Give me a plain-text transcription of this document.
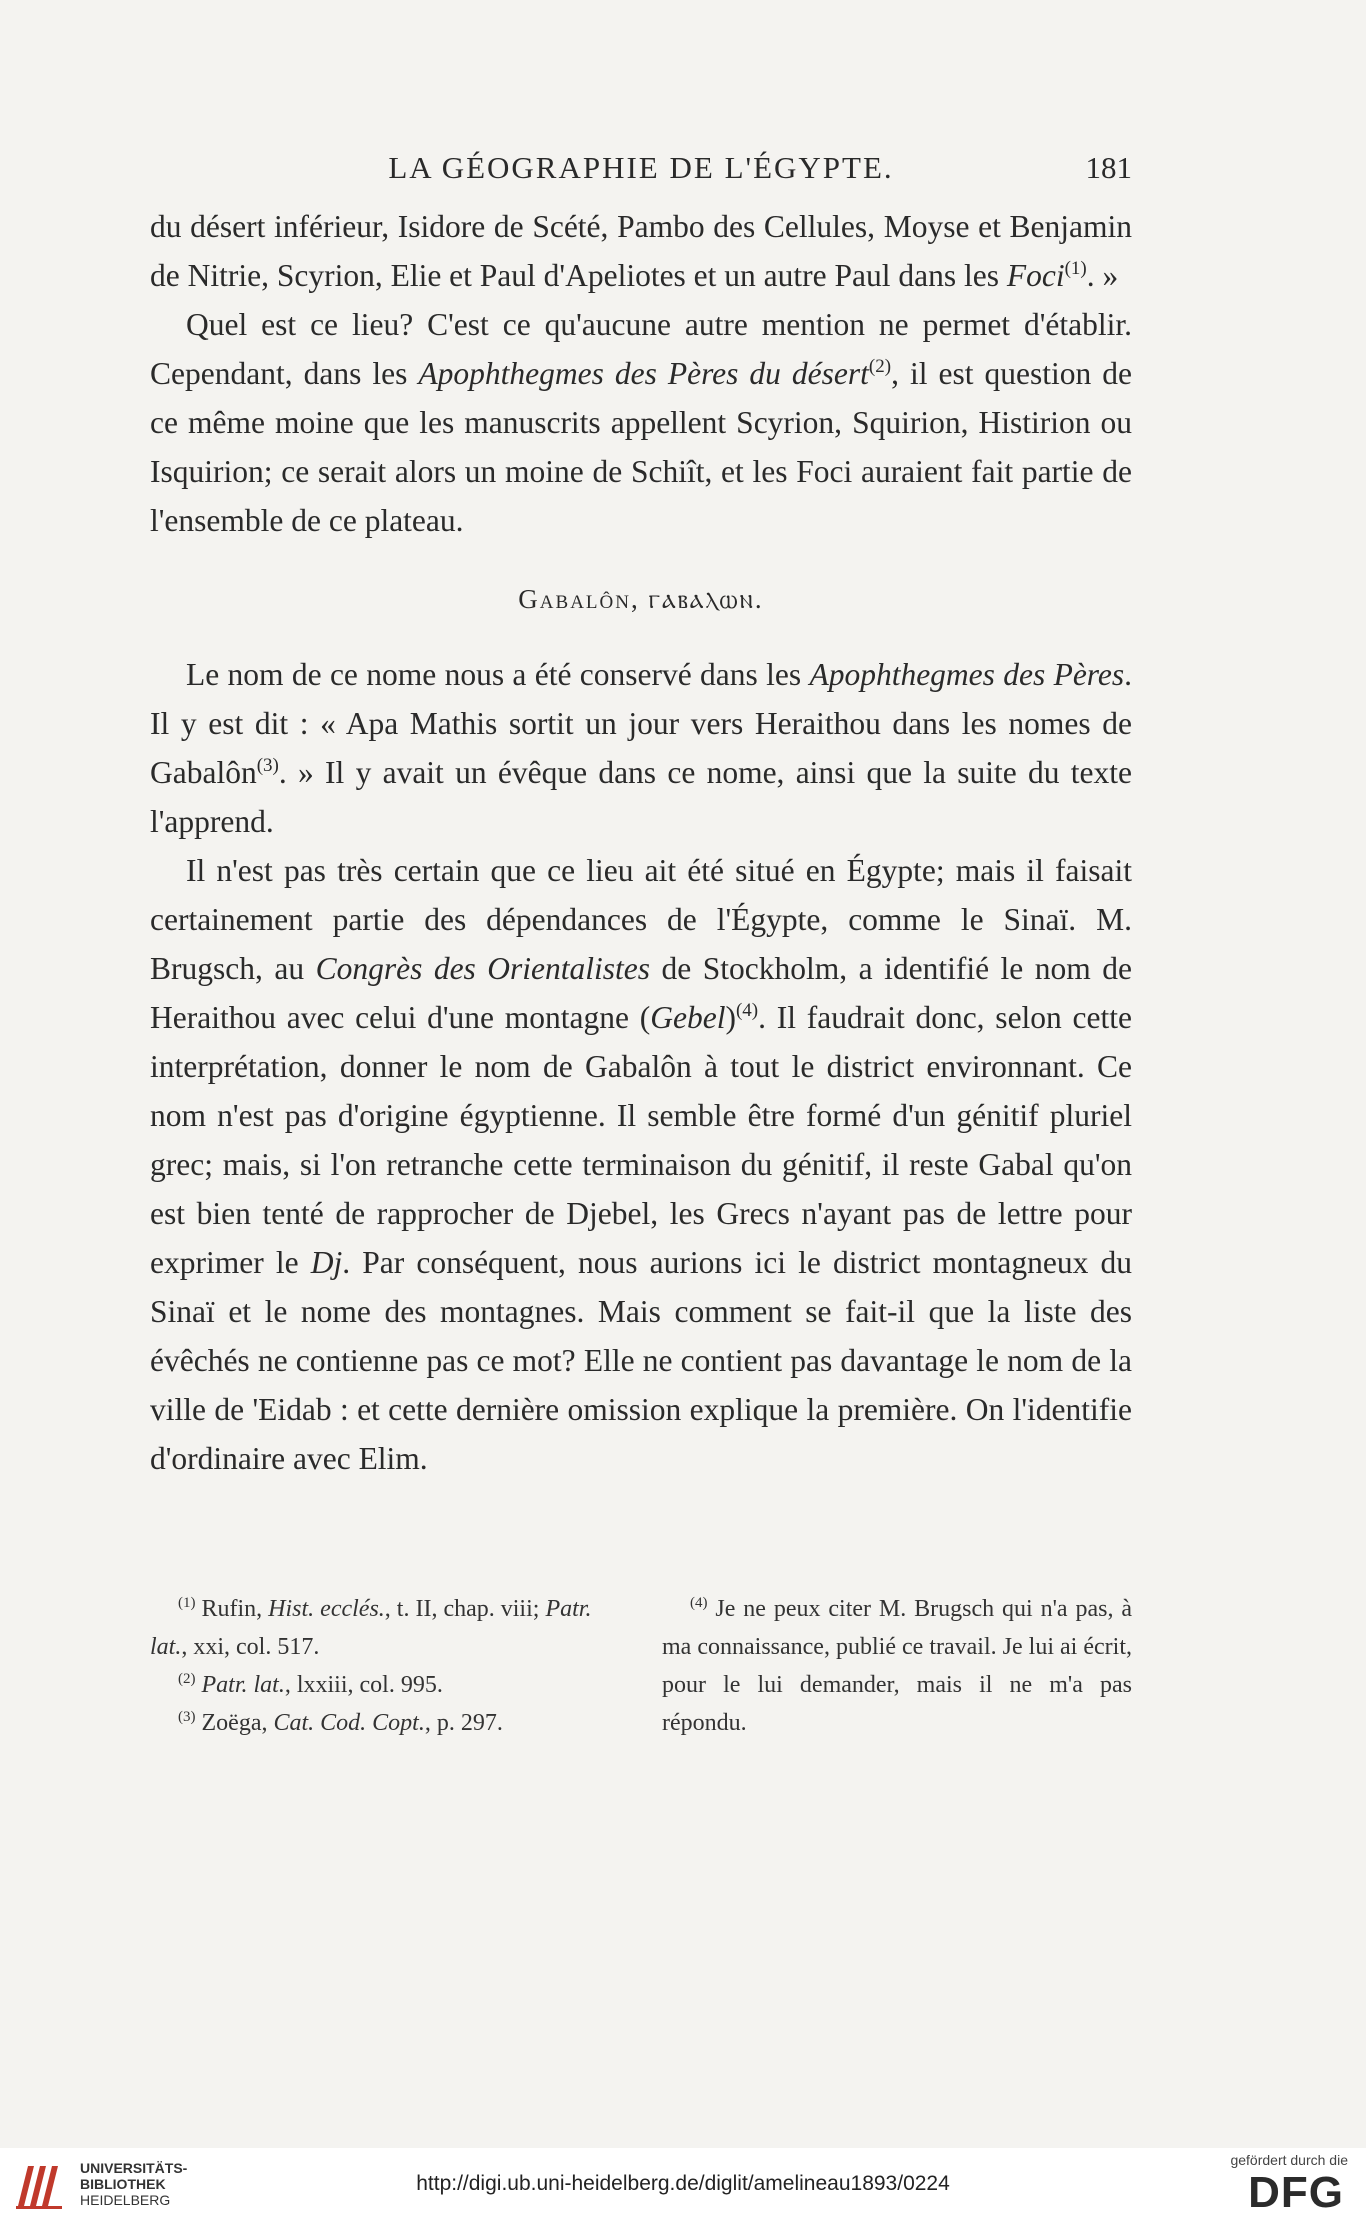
LA GÉOGRAPHIE DE L'ÉGYPTE.	181

du désert inférieur, Isidore de Scété, Pambo des Cellules, Moyse et Benjamin de Nitrie, Scyrion, Elie et Paul d'Apeliotes et un autre Paul dans les Foci$^{(1)}$. »

Quel est ce lieu? C'est ce qu'aucune autre mention ne permet d'établir. Cependant, dans les Apophthegmes des Pères du désert$^{(2)}$, il est question de ce même moine que les manuscrits appellent Scyrion, Squirion, Histirion ou Isquirion; ce serait alors un moine de Schiît, et les Foci auraient fait partie de l'ensemble de ce plateau.

Gabalôn, ⲅⲁⲃⲁⲗⲱⲛ.

Le nom de ce nome nous a été conservé dans les Apophthegmes des Pères. Il y est dit : « Apa Mathis sortit un jour vers Heraithou dans les nomes de Gabalôn$^{(3)}$. » Il y avait un évêque dans ce nome, ainsi que la suite du texte l'apprend.

Il n'est pas très certain que ce lieu ait été situé en Égypte; mais il faisait certainement partie des dépendances de l'Égypte, comme le Sinaï. M. Brugsch, au Congrès des Orientalistes de Stockholm, a identifié le nom de Heraithou avec celui d'une montagne (Gebel)$^{(4)}$. Il faudrait donc, selon cette interprétation, donner le nom de Gabalôn à tout le district environnant. Ce nom n'est pas d'origine égyptienne. Il semble être formé d'un génitif pluriel grec; mais, si l'on retranche cette terminaison du génitif, il reste Gabal qu'on est bien tenté de rapprocher de Djebel, les Grecs n'ayant pas de lettre pour exprimer le Dj. Par conséquent, nous aurions ici le district montagneux du Sinaï et le nome des montagnes. Mais comment se fait-il que la liste des évêchés ne contienne pas ce mot? Elle ne contient pas davantage le nom de la ville de 'Eidab : et cette dernière omission explique la première. On l'identifie d'ordinaire avec Elim.

$^{(1)}$ Rufin, Hist. ecclés., t. II, chap. viii; Patr. lat., xxi, col. 517.
$^{(2)}$ Patr. lat., lxxiii, col. 995.
$^{(3)}$ Zoëga, Cat. Cod. Copt., p. 297.
$^{(4)}$ Je ne peux citer M. Brugsch qui n'a pas, à ma connaissance, publié ce travail. Je lui ai écrit, pour le lui demander, mais il ne m'a pas répondu.
UNIVERSITÄTS-
BIBLIOTHEK
HEIDELBERG
http://digi.ub.uni-heidelberg.de/diglit/amelineau1893/0224
gefördert durch die
DFG
